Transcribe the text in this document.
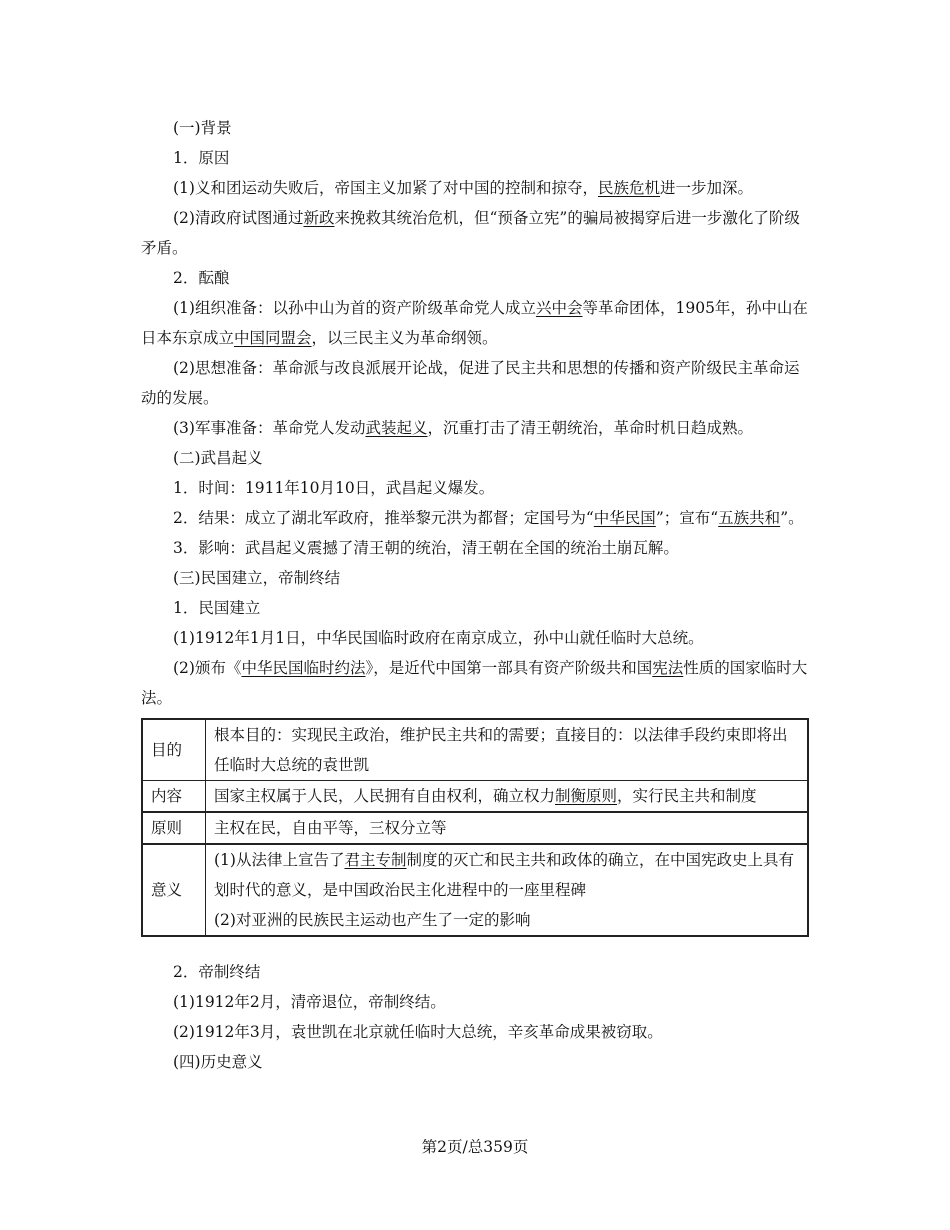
(一)背景

1．原因

(1)义和团运动失败后，帝国主义加紧了对中国的控制和掠夺，民族危机进一步加深。

(2)清政府试图通过新政来挽救其统治危机，但“预备立宪”的骗局被揭穿后进一步激化了阶级矛盾。

2．酝酿

(1)组织准备：以孙中山为首的资产阶级革命党人成立兴中会等革命团体，1905年，孙中山在日本东京成立中国同盟会，以三民主义为革命纲领。

(2)思想准备：革命派与改良派展开论战，促进了民主共和思想的传播和资产阶级民主革命运动的发展。

(3)军事准备：革命党人发动武装起义，沉重打击了清王朝统治，革命时机日趋成熟。

(二)武昌起义

1．时间：1911年10月10日，武昌起义爆发。

2．结果：成立了湖北军政府，推举黎元洪为都督；定国号为“中华民国”；宣布“五族共和”。

3．影响：武昌起义震撼了清王朝的统治，清王朝在全国的统治土崩瓦解。

(三)民国建立，帝制终结

1．民国建立

(1)1912年1月1日，中华民国临时政府在南京成立，孙中山就任临时大总统。

(2)颁布《中华民国临时约法》，是近代中国第一部具有资产阶级共和国宪法性质的国家临时大法。

目的	根本目的：实现民主政治，维护民主共和的需要；直接目的：以法律手段约束即将出任临时大总统的袁世凯
内容	国家主权属于人民，人民拥有自由权利，确立权力制衡原则，实行民主共和制度
原则	主权在民，自由平等，三权分立等
意义	(1)从法律上宣告了君主专制制度的灭亡和民主共和政体的确立，在中国宪政史上具有划时代的意义，是中国政治民主化进程中的一座里程碑
(2)对亚洲的民族民主运动也产生了一定的影响

2．帝制终结

(1)1912年2月，清帝退位，帝制终结。

(2)1912年3月，袁世凯在北京就任临时大总统，辛亥革命成果被窃取。

(四)历史意义

第2页/总359页
